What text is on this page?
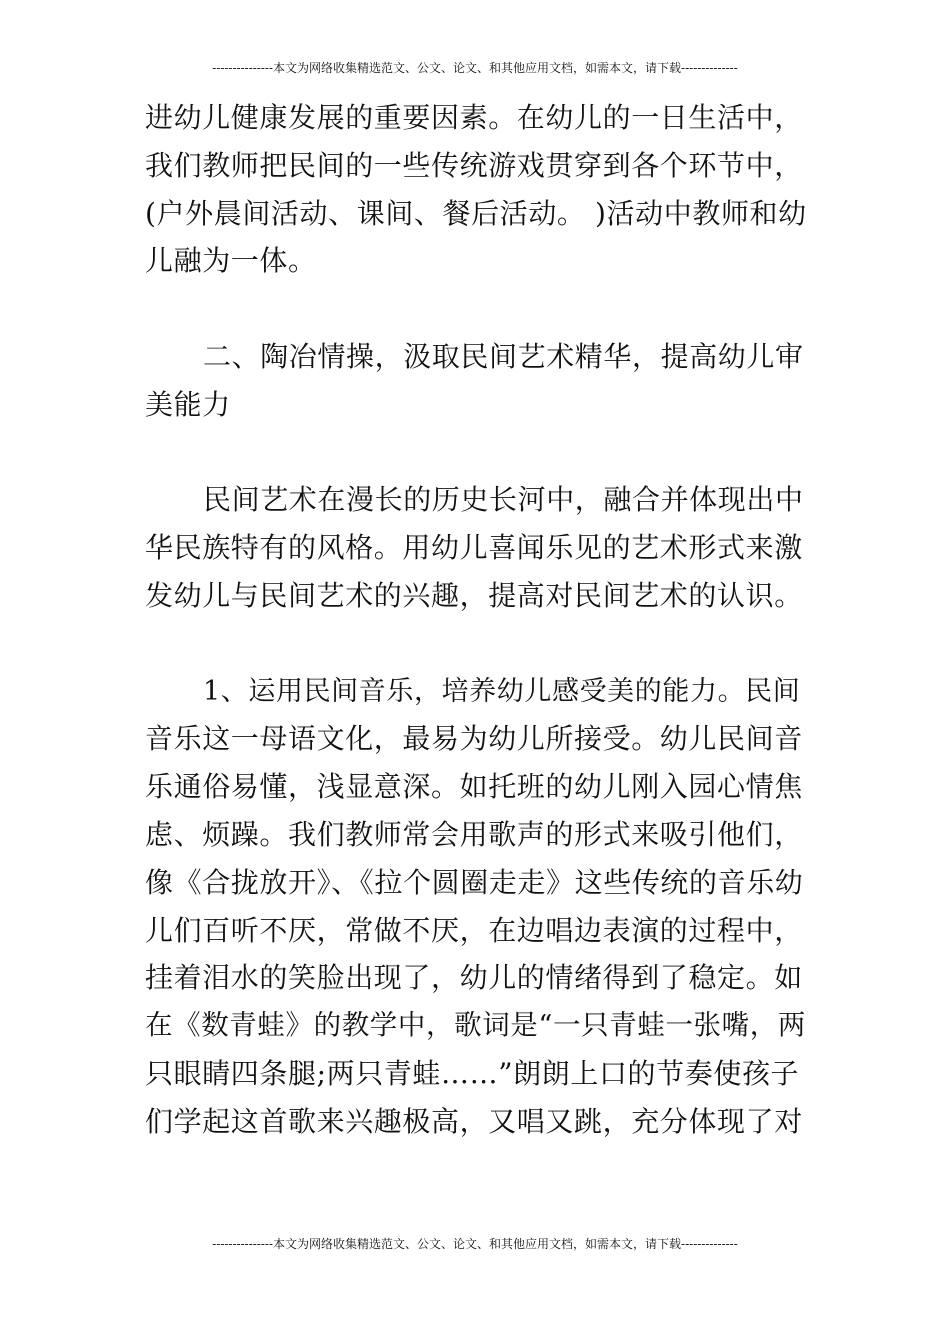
---------------本文为网络收集精选范文、公文、论文、和其他应用文档，如需本文，请下载--------------
进幼儿健康发展的重要因素。在幼儿的一日生活中，
我们教师把民间的一些传统游戏贯穿到各个环节中，
(户外晨间活动、课间、餐后活动。 )活动中教师和幼
儿融为一体。
二、陶冶情操，汲取民间艺术精华，提高幼儿审
美能力
民间艺术在漫长的历史长河中，融合并体现出中
华民族特有的风格。用幼儿喜闻乐见的艺术形式来激
发幼儿与民间艺术的兴趣，提高对民间艺术的认识。
1、运用民间音乐，培养幼儿感受美的能力。民间
音乐这一母语文化，最易为幼儿所接受。幼儿民间音
乐通俗易懂，浅显意深。如托班的幼儿刚入园心情焦
虑、烦躁。我们教师常会用歌声的形式来吸引他们，
像《合拢放开》、《拉个圆圈走走》这些传统的音乐幼
儿们百听不厌，常做不厌，在边唱边表演的过程中，
挂着泪水的笑脸出现了，幼儿的情绪得到了稳定。如
在《数青蛙》的教学中，歌词是“一只青蛙一张嘴，两
只眼睛四条腿;两只青蛙……”朗朗上口的节奏使孩子
们学起这首歌来兴趣极高，又唱又跳，充分体现了对
---------------本文为网络收集精选范文、公文、论文、和其他应用文档，如需本文，请下载--------------
